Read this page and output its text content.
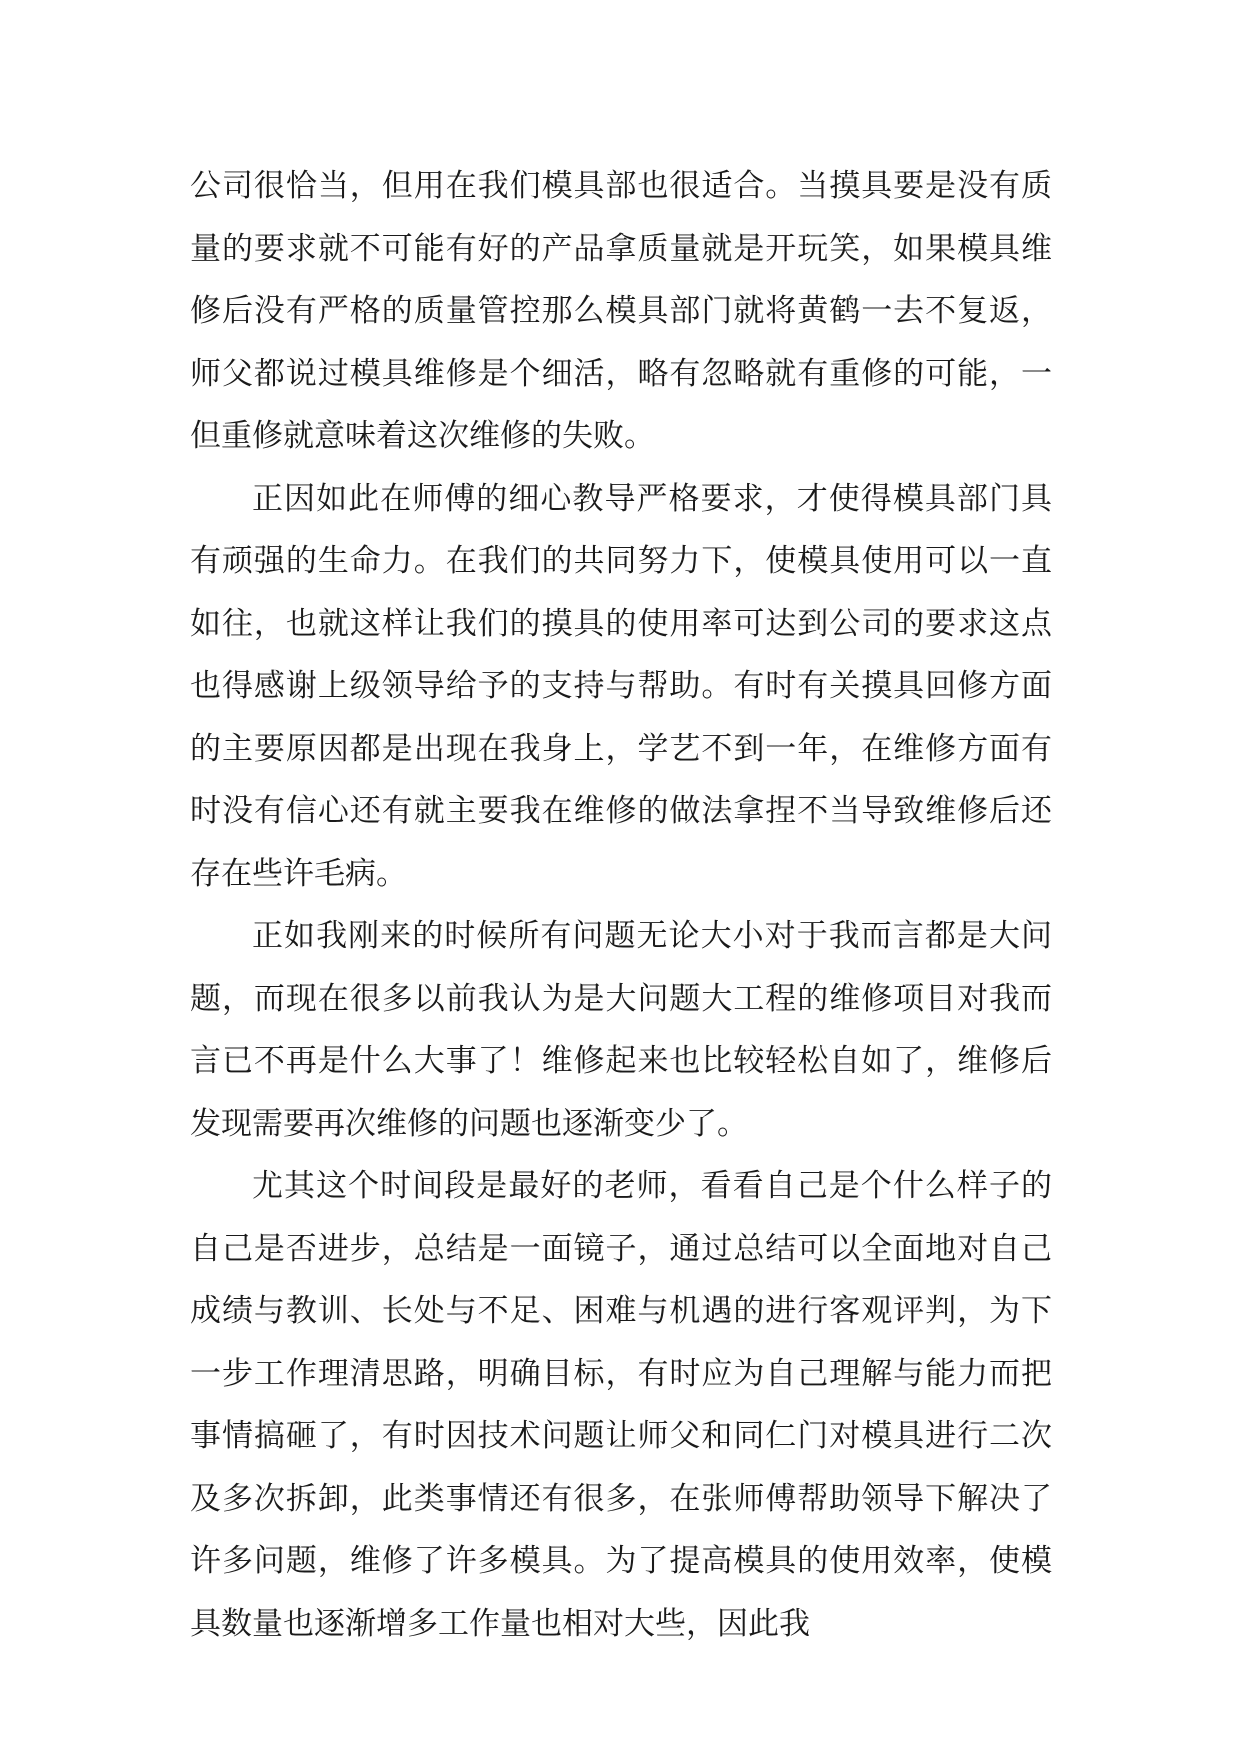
公司很恰当，但用在我们模具部也很适合。当摸具要是没有质量的要求就不可能有好的产品拿质量就是开玩笑，如果模具维修后没有严格的质量管控那么模具部门就将黄鹤一去不复返，师父都说过模具维修是个细活，略有忽略就有重修的可能，一但重修就意味着这次维修的失败。

正因如此在师傅的细心教导严格要求，才使得模具部门具有顽强的生命力。在我们的共同努力下，使模具使用可以一直如往，也就这样让我们的摸具的使用率可达到公司的要求这点也得感谢上级领导给予的支持与帮助。有时有关摸具回修方面的主要原因都是出现在我身上，学艺不到一年，在维修方面有时没有信心还有就主要我在维修的做法拿捏不当导致维修后还存在些许毛病。

正如我刚来的时候所有问题无论大小对于我而言都是大问题，而现在很多以前我认为是大问题大工程的维修项目对我而言已不再是什么大事了！维修起来也比较轻松自如了，维修后发现需要再次维修的问题也逐渐变少了。

尤其这个时间段是最好的老师，看看自己是个什么样子的自己是否进步，总结是一面镜子，通过总结可以全面地对自己成绩与教训、长处与不足、困难与机遇的进行客观评判，为下一步工作理清思路，明确目标，有时应为自己理解与能力而把事情搞砸了，有时因技术问题让师父和同仁门对模具进行二次及多次拆卸，此类事情还有很多，在张师傅帮助领导下解决了许多问题，维修了许多模具。为了提高模具的使用效率，使模具数量也逐渐增多工作量也相对大些，因此我
